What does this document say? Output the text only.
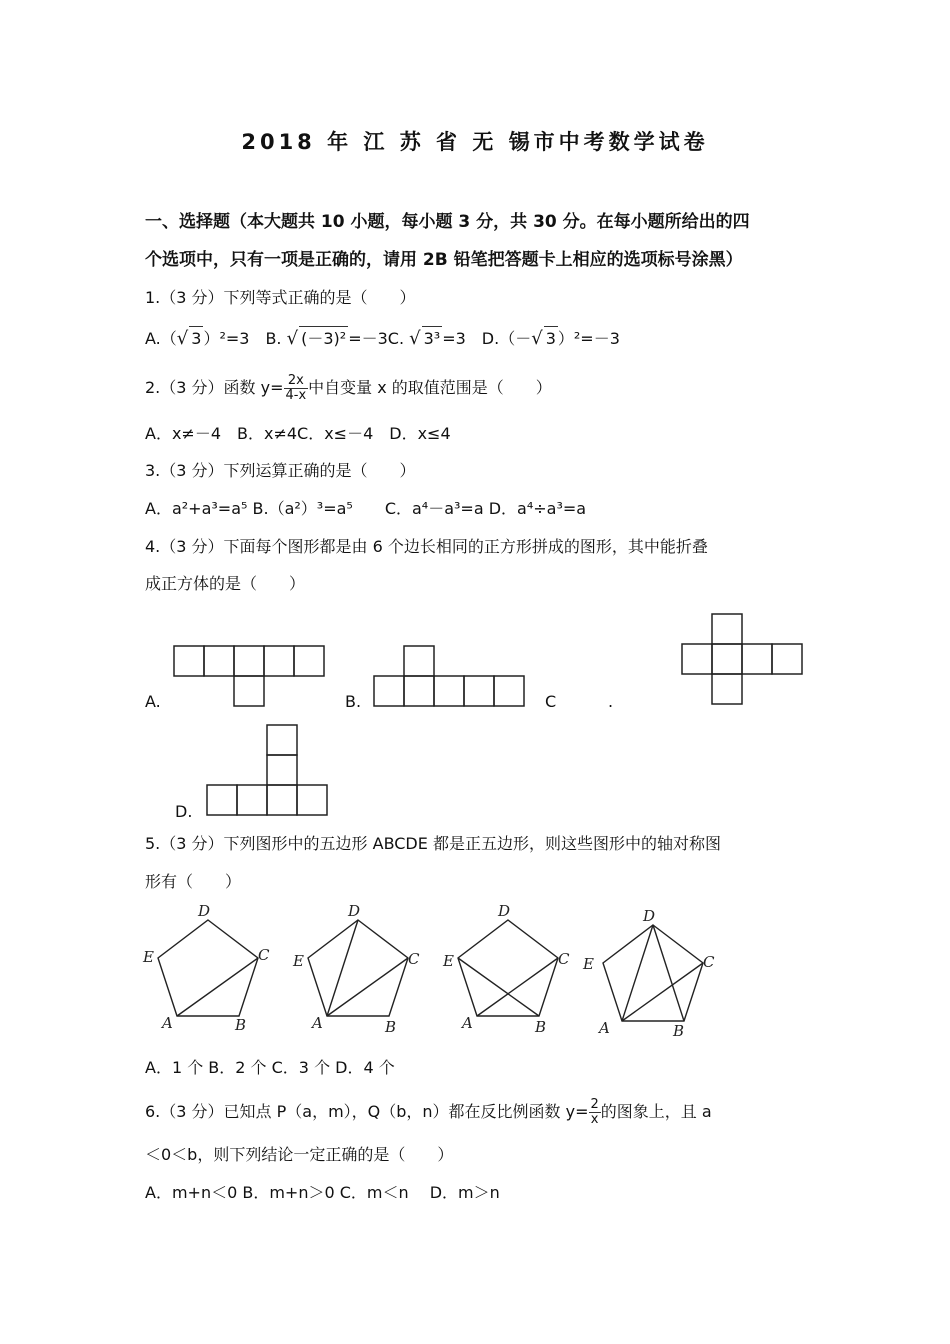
2018 年 江 苏 省 无 锡市中考数学试卷
一、选择题（本大题共 10 小题，每小题 3 分，共 30 分。在每小题所给出的四
个选项中，只有一项是正确的，请用 2B 铅笔把答题卡上相应的选项标号涂黑）
1.（3 分）下列等式正确的是（　　）
A.（√ 3 ）²=3　B. √ (－3)² =－3C. √ 3³ =3　D.（－√ 3 ）²=－3
2.（3 分）函数 $y= \frac{2x}{4-x}$ 中自变量 x 的取值范围是（　　）
A．x≠－4　B．x≠4C．x≤－4　D．x≤4
3.（3 分）下列运算正确的是（　　）
A．a²+a³=a⁵ B.（a²）³=a⁵　　C．a⁴－a³=a D．a⁴÷a³=a
4.（3 分）下面每个图形都是由 6 个边长相同的正方形拼成的图形，其中能折叠
成正方体的是（　　）
A.	B.	C	.
D.
5.（3 分）下列图形中的五边形 ABCDE 都是正五边形，则这些图形中的轴对称图
形有（　　）
D
C
E
A	B
D
C
E
A	B
D
C
E
A	B
D
C
E
A	B
A．1 个 B．2 个 C．3 个 D．4 个
6.（3 分）已知点 P（a，m），Q（b，n）都在反比例函数 $y= \frac{2}{x}$ 的图象上，且 a
＜0＜b，则下列结论一定正确的是（　　）
A．m+n＜0 B．m+n＞0 C．m＜n　 D．m＞n
